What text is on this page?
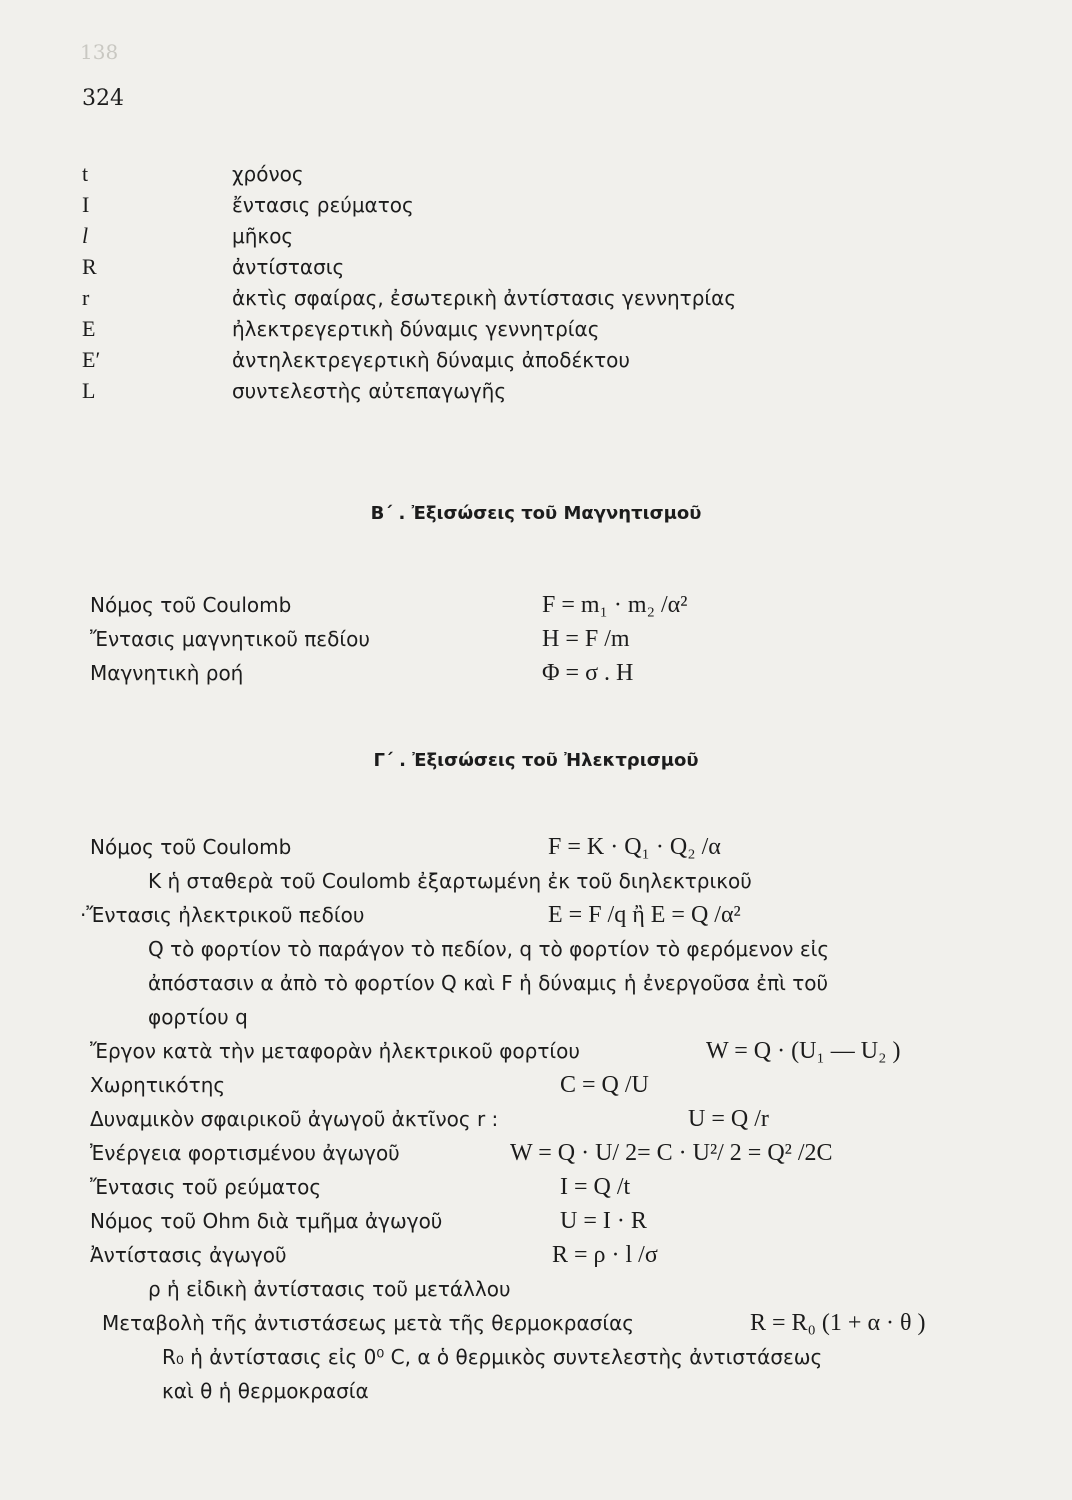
138
324
t	χρόνος
I	ἔντασις ρεύματος
l	μῆκος
R	ἀντίστασις
r	ἀκτὶς σφαίρας, ἐσωτερικὴ ἀντίστασις γεννητρίας
E	ἠλεκτρεγερτικὴ δύναμις γεννητρίας
E′	ἀντηλεκτρεγερτικὴ δύναμις ἀποδέκτου
L	συντελεστὴς αὐτεπαγωγῆς
Β΄ . Ἐξισώσεις τοῦ Μαγνητισμοῦ
Νόμος τοῦ Coulomb	F = m₁ · m₂ /α²
Ἔντασις μαγνητικοῦ πεδίου	H = F /m
Μαγνητικὴ ροή	Φ = σ . H
Γ΄ . Ἐξισώσεις τοῦ Ἠλεκτρισμοῦ
Νόμος τοῦ Coulomb	F = K · Q₁ · Q₂ /α
K ἡ σταθερὰ τοῦ Coulomb ἐξαρτωμένη ἐκ τοῦ διηλεκτρικοῦ
·Ἔντασις ἠλεκτρικοῦ πεδίου	E = F /q ἢ E = Q /α²
Q τὸ φορτίον τὸ παράγον τὸ πεδίον, q τὸ φορτίον τὸ φερόμενον εἰς
ἀπόστασιν α ἀπὸ τὸ φορτίον Q καὶ F ἡ δύναμις ἡ ἐνεργοῦσα ἐπὶ τοῦ
φορτίου q
Ἔργον κατὰ τὴν μεταφορὰν ἠλεκτρικοῦ φορτίου	W = Q · (U₁ — U₂ )
Χωρητικότης	C = Q /U
Δυναμικὸν σφαιρικοῦ ἀγωγοῦ ἀκτῖνος r :	U = Q /r
Ἐνέργεια φορτισμένου ἀγωγοῦ	W = Q · U/ 2= C · U²/ 2 = Q² /2C
Ἔντασις τοῦ ρεύματος	I = Q /t
Νόμος τοῦ Ohm διὰ τμῆμα ἀγωγοῦ	U = I · R
Ἀντίστασις ἀγωγοῦ	R = ρ · l /σ
ρ ἡ εἰδικὴ ἀντίστασις τοῦ μετάλλου
Μεταβολὴ τῆς ἀντιστάσεως μετὰ τῆς θερμοκρασίας	R = R₀ (1 + α · θ )
R₀ ἡ ἀντίστασις εἰς 0⁰ C, α ὁ θερμικὸς συντελεστὴς ἀντιστάσεως
καὶ θ ἡ θερμοκρασία
